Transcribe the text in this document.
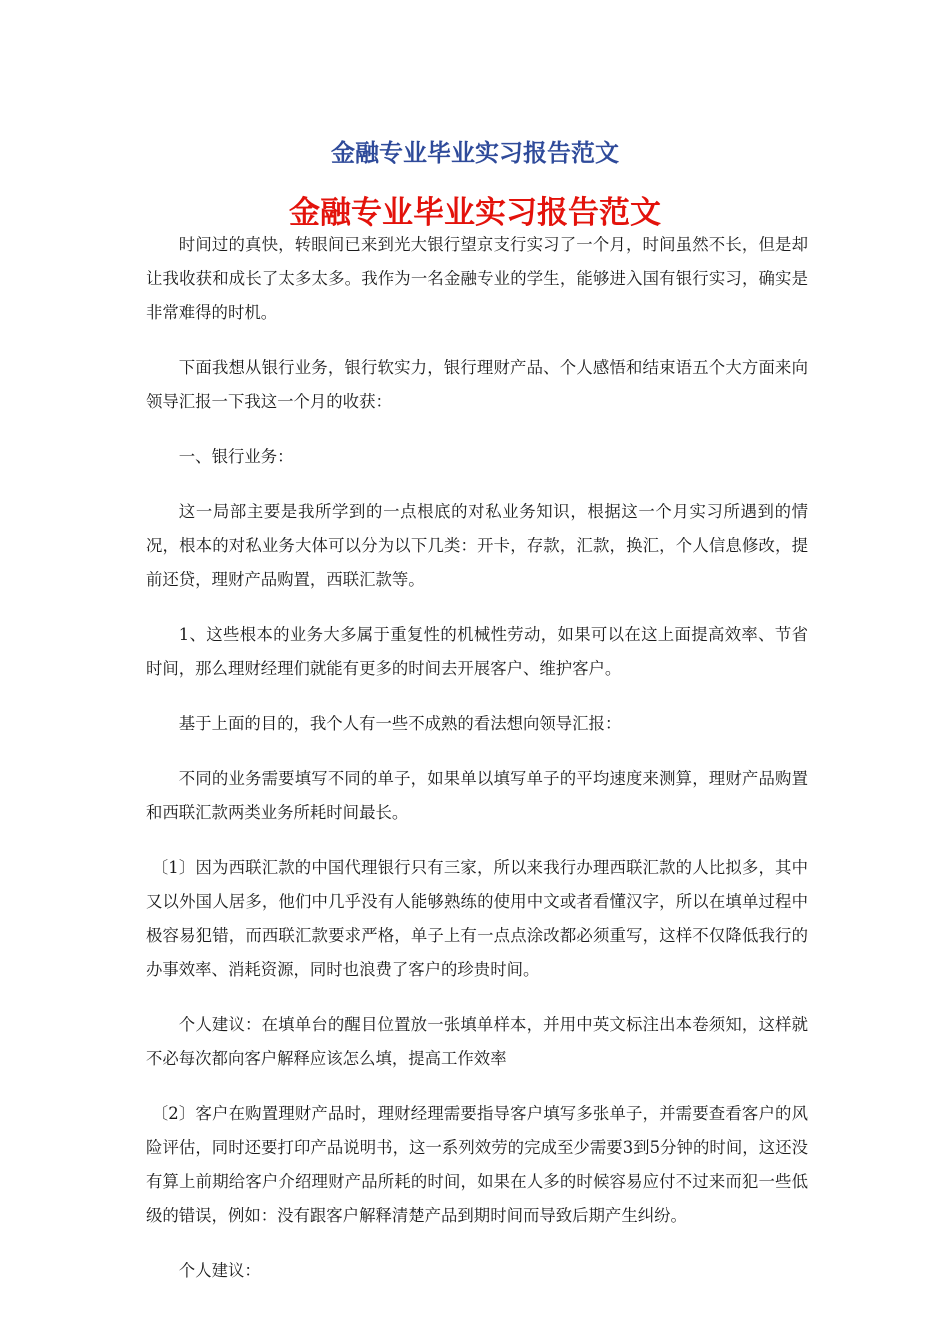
金融专业毕业实习报告范文
金融专业毕业实习报告范文

时间过的真快，转眼间已来到光大银行望京支行实习了一个月，时间虽然不长，但是却让我收获和成长了太多太多。我作为一名金融专业的学生，能够进入国有银行实习，确实是非常难得的时机。

下面我想从银行业务，银行软实力，银行理财产品、个人感悟和结束语五个大方面来向领导汇报一下我这一个月的收获：

一、银行业务：

这一局部主要是我所学到的一点根底的对私业务知识，根据这一个月实习所遇到的情况，根本的对私业务大体可以分为以下几类：开卡，存款，汇款，换汇，个人信息修改，提前还贷，理财产品购置，西联汇款等。

1、这些根本的业务大多属于重复性的机械性劳动，如果可以在这上面提高效率、节省时间，那么理财经理们就能有更多的时间去开展客户、维护客户。

基于上面的目的，我个人有一些不成熟的看法想向领导汇报：

不同的业务需要填写不同的单子，如果单以填写单子的平均速度来测算，理财产品购置和西联汇款两类业务所耗时间最长。

〔1〕因为西联汇款的中国代理银行只有三家，所以来我行办理西联汇款的人比拟多，其中又以外国人居多，他们中几乎没有人能够熟练的使用中文或者看懂汉字，所以在填单过程中极容易犯错，而西联汇款要求严格，单子上有一点点涂改都必须重写，这样不仅降低我行的办事效率、消耗资源，同时也浪费了客户的珍贵时间。

个人建议：在填单台的醒目位置放一张填单样本，并用中英文标注出本卷须知，这样就不必每次都向客户解释应该怎么填，提高工作效率

〔2〕客户在购置理财产品时，理财经理需要指导客户填写多张单子，并需要查看客户的风险评估，同时还要打印产品说明书，这一系列效劳的完成至少需要3到5分钟的时间，这还没有算上前期给客户介绍理财产品所耗的时间，如果在人多的时候容易应付不过来而犯一些低级的错误，例如：没有跟客户解释清楚产品到期时间而导致后期产生纠纷。

个人建议：
